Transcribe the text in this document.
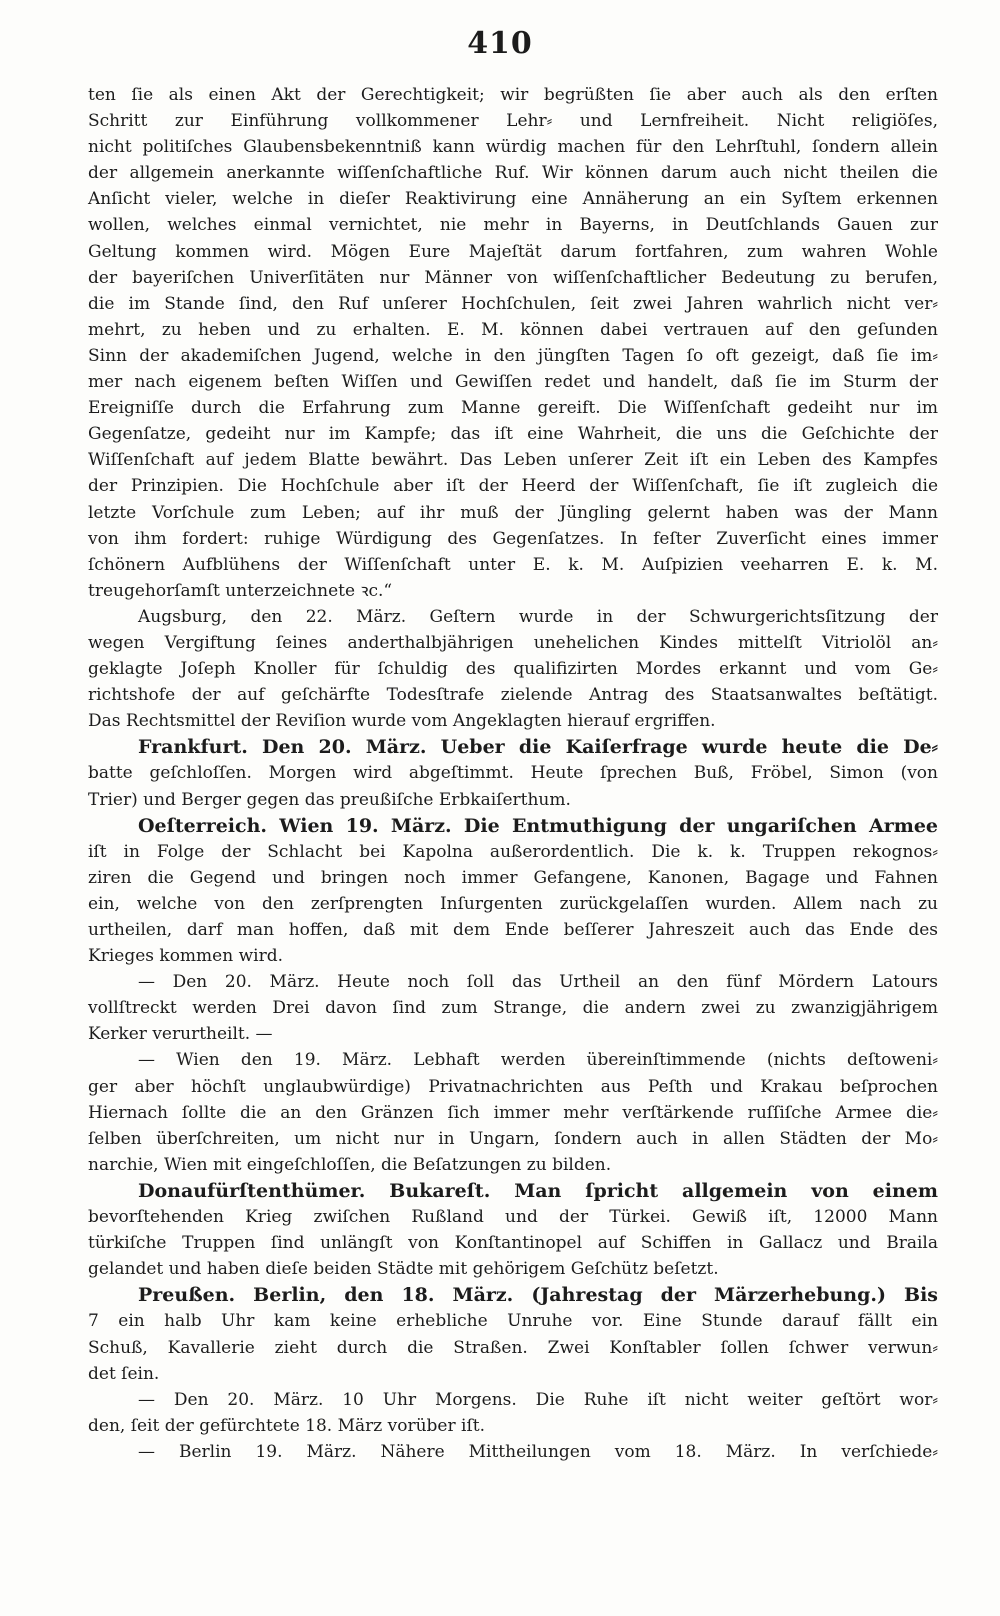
410
ten ſie als einen Akt der Gerechtigkeit; wir begrüßten ſie aber auch als den erſten
Schritt zur Einführung vollkommener Lehr⸗ und Lernfreiheit. Nicht religiöſes,
nicht politiſches Glaubensbekenntniß kann würdig machen für den Lehrſtuhl, ſondern allein
der allgemein anerkannte wiſſenſchaftliche Ruf. Wir können darum auch nicht theilen die
Anſicht vieler, welche in dieſer Reaktivirung eine Annäherung an ein Syſtem erkennen
wollen, welches einmal vernichtet, nie mehr in Bayerns, in Deutſchlands Gauen zur
Geltung kommen wird. Mögen Eure Majeſtät darum fortfahren, zum wahren Wohle
der bayeriſchen Univerſitäten nur Männer von wiſſenſchaftlicher Bedeutung zu berufen,
die im Stande ſind, den Ruf unſerer Hochſchulen, ſeit zwei Jahren wahrlich nicht ver⸗
mehrt, zu heben und zu erhalten. E. M. können dabei vertrauen auf den geſunden
Sinn der akademiſchen Jugend, welche in den jüngſten Tagen ſo oft gezeigt, daß ſie im⸗
mer nach eigenem beſten Wiſſen und Gewiſſen redet und handelt, daß ſie im Sturm der
Ereigniſſe durch die Erfahrung zum Manne gereift. Die Wiſſenſchaft gedeiht nur im
Gegenſatze, gedeiht nur im Kampfe; das iſt eine Wahrheit, die uns die Geſchichte der
Wiſſenſchaft auf jedem Blatte bewährt. Das Leben unſerer Zeit iſt ein Leben des Kampfes
der Prinzipien. Die Hochſchule aber iſt der Heerd der Wiſſenſchaft, ſie iſt zugleich die
letzte Vorſchule zum Leben; auf ihr muß der Jüngling gelernt haben was der Mann
von ihm fordert: ruhige Würdigung des Gegenſatzes. In feſter Zuverſicht eines immer
ſchönern Aufblühens der Wiſſenſchaft unter E. k. M. Auſpizien veeharren E. k. M.
treugehorſamſt unterzeichnete ꝛc.“
Augsburg, den 22. März. Geſtern wurde in der Schwurgerichtsſitzung der
wegen Vergiftung ſeines anderthalbjährigen unehelichen Kindes mittelſt Vitriolöl an⸗
geklagte Joſeph Knoller für ſchuldig des qualifizirten Mordes erkannt und vom Ge⸗
richtshofe der auf geſchärfte Todesſtrafe zielende Antrag des Staatsanwaltes beſtätigt.
Das Rechtsmittel der Reviſion wurde vom Angeklagten hierauf ergriffen.
Frankfurt. Den 20. März. Ueber die Kaiſerfrage wurde heute die De⸗
batte geſchloſſen. Morgen wird abgeſtimmt. Heute ſprechen Buß, Fröbel, Simon (von
Trier) und Berger gegen das preußiſche Erbkaiſerthum.
Oeſterreich. Wien 19. März. Die Entmuthigung der ungariſchen Armee
iſt in Folge der Schlacht bei Kapolna außerordentlich. Die k. k. Truppen rekognos⸗
ziren die Gegend und bringen noch immer Gefangene, Kanonen, Bagage und Fahnen
ein, welche von den zerſprengten Inſurgenten zurückgelaſſen wurden. Allem nach zu
urtheilen, darf man hoffen, daß mit dem Ende beſſerer Jahreszeit auch das Ende des
Krieges kommen wird.
— Den 20. März. Heute noch ſoll das Urtheil an den fünf Mördern Latours
vollſtreckt werden Drei davon ſind zum Strange, die andern zwei zu zwanzigjährigem
Kerker verurtheilt. —
— Wien den 19. März. Lebhaft werden übereinſtimmende (nichts deſtoweni⸗
ger aber höchſt unglaubwürdige) Privatnachrichten aus Peſth und Krakau beſprochen
Hiernach ſollte die an den Gränzen ſich immer mehr verſtärkende ruſſiſche Armee die⸗
ſelben überſchreiten, um nicht nur in Ungarn, ſondern auch in allen Städten der Mo⸗
narchie, Wien mit eingeſchloſſen, die Beſatzungen zu bilden.
Donaufürſtenthümer. Bukareſt. Man ſpricht allgemein von einem
bevorſtehenden Krieg zwiſchen Rußland und der Türkei. Gewiß iſt, 12000 Mann
türkiſche Truppen ſind unlängſt von Konſtantinopel auf Schiffen in Gallacz und Braila
gelandet und haben dieſe beiden Städte mit gehörigem Geſchütz beſetzt.
Preußen. Berlin, den 18. März. (Jahrestag der Märzerhebung.) Bis
7 ein halb Uhr kam keine erhebliche Unruhe vor. Eine Stunde darauf fällt ein
Schuß, Kavallerie zieht durch die Straßen. Zwei Konſtabler ſollen ſchwer verwun⸗
det ſein.
— Den 20. März. 10 Uhr Morgens. Die Ruhe iſt nicht weiter geſtört wor⸗
den, ſeit der gefürchtete 18. März vorüber iſt.
— Berlin 19. März. Nähere Mittheilungen vom 18. März. In verſchiede⸗
